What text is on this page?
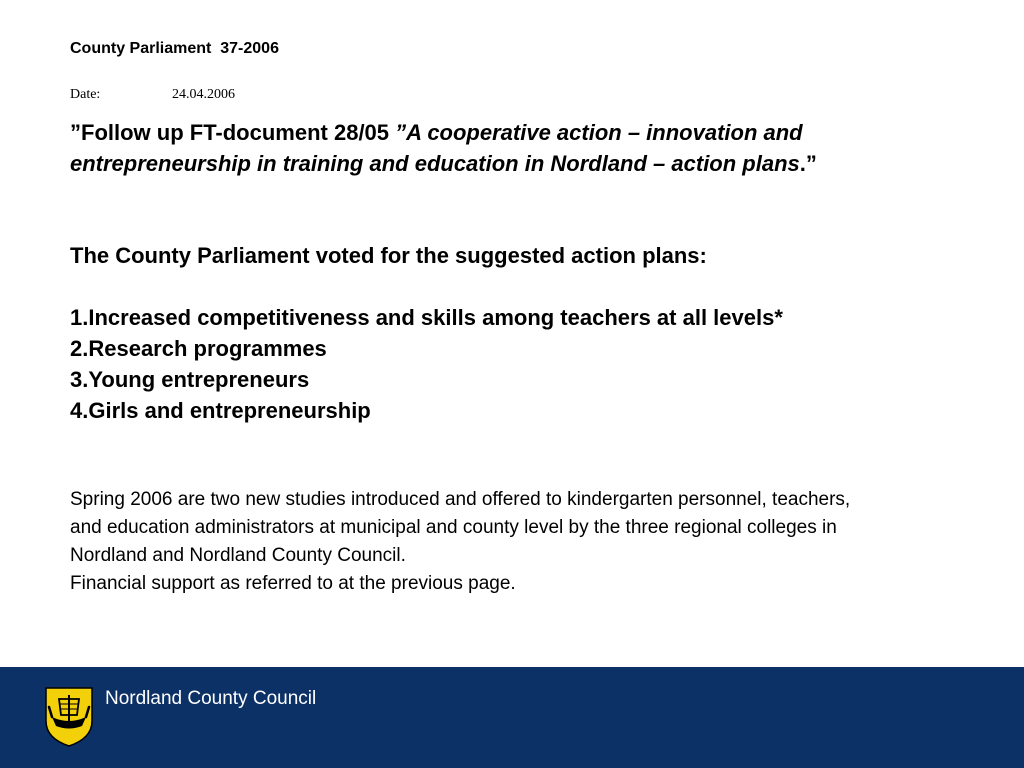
County Parliament  37-2006
Date:	24.04.2006
”Follow up FT-document 28/05 ”A cooperative action – innovation and entrepreneurship in training and education in Nordland – action plans.”
The County Parliament voted for the suggested action plans:
1.Increased competitiveness and skills among teachers at all levels*
2.Research programmes
3.Young entrepreneurs
4.Girls and entrepreneurship

Spring 2006 are two new studies introduced and offered to kindergarten personnel, teachers, and education administrators at municipal and county level by the three regional colleges in Nordland and Nordland County Council.

Financial support as referred to at the previous page.

Nordland County Council
